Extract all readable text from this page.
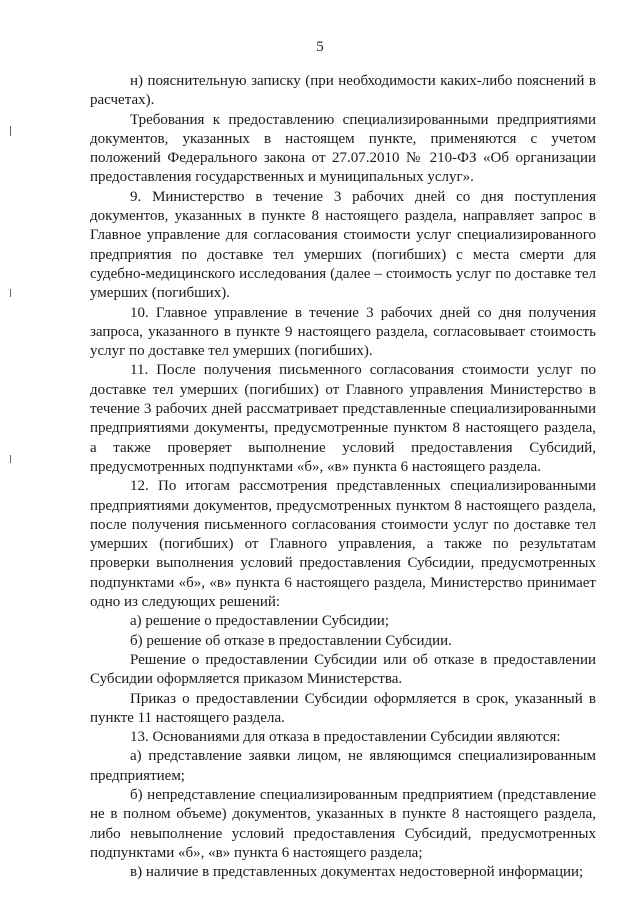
5

н) пояснительную записку (при необходимости каких-либо пояснений в расчетах).

Требования к предоставлению специализированными предприятиями документов, указанных в настоящем пункте, применяются с учетом положений Федерального закона от 27.07.2010 № 210-ФЗ «Об организации предоставления государственных и муниципальных услуг».

9. Министерство в течение 3 рабочих дней со дня поступления документов, указанных в пункте 8 настоящего раздела, направляет запрос в Главное управление для согласования стоимости услуг специализированного предприятия по доставке тел умерших (погибших) с места смерти для судебно-медицинского исследования (далее – стоимость услуг по доставке тел умерших (погибших).

10. Главное управление в течение 3 рабочих дней со дня получения запроса, указанного в пункте 9 настоящего раздела, согласовывает стоимость услуг по доставке тел умерших (погибших).

11. После получения письменного согласования стоимости услуг по доставке тел умерших (погибших) от Главного управления Министерство в течение 3 рабочих дней рассматривает представленные специализированными предприятиями документы, предусмотренные пунктом 8 настоящего раздела, а также проверяет выполнение условий предоставления Субсидий, предусмотренных подпунктами «б», «в» пункта 6 настоящего раздела.

12. По итогам рассмотрения представленных специализированными предприятиями документов, предусмотренных пунктом 8 настоящего раздела, после получения письменного согласования стоимости услуг по доставке тел умерших (погибших) от Главного управления, а также по результатам проверки выполнения условий предоставления Субсидии, предусмотренных подпунктами «б», «в» пункта 6 настоящего раздела, Министерство принимает одно из следующих решений:

а) решение о предоставлении Субсидии;

б) решение об отказе в предоставлении Субсидии.

Решение о предоставлении Субсидии или об отказе в предоставлении Субсидии оформляется приказом Министерства.

Приказ о предоставлении Субсидии оформляется в срок, указанный в пункте 11 настоящего раздела.

13. Основаниями для отказа в предоставлении Субсидии являются:

а) представление заявки лицом, не являющимся специализированным предприятием;

б) непредставление специализированным предприятием (представление не в полном объеме) документов, указанных в пункте 8 настоящего раздела, либо невыполнение условий предоставления Субсидий, предусмотренных подпунктами «б», «в» пункта 6 настоящего раздела;

в) наличие в представленных документах недостоверной информации;
